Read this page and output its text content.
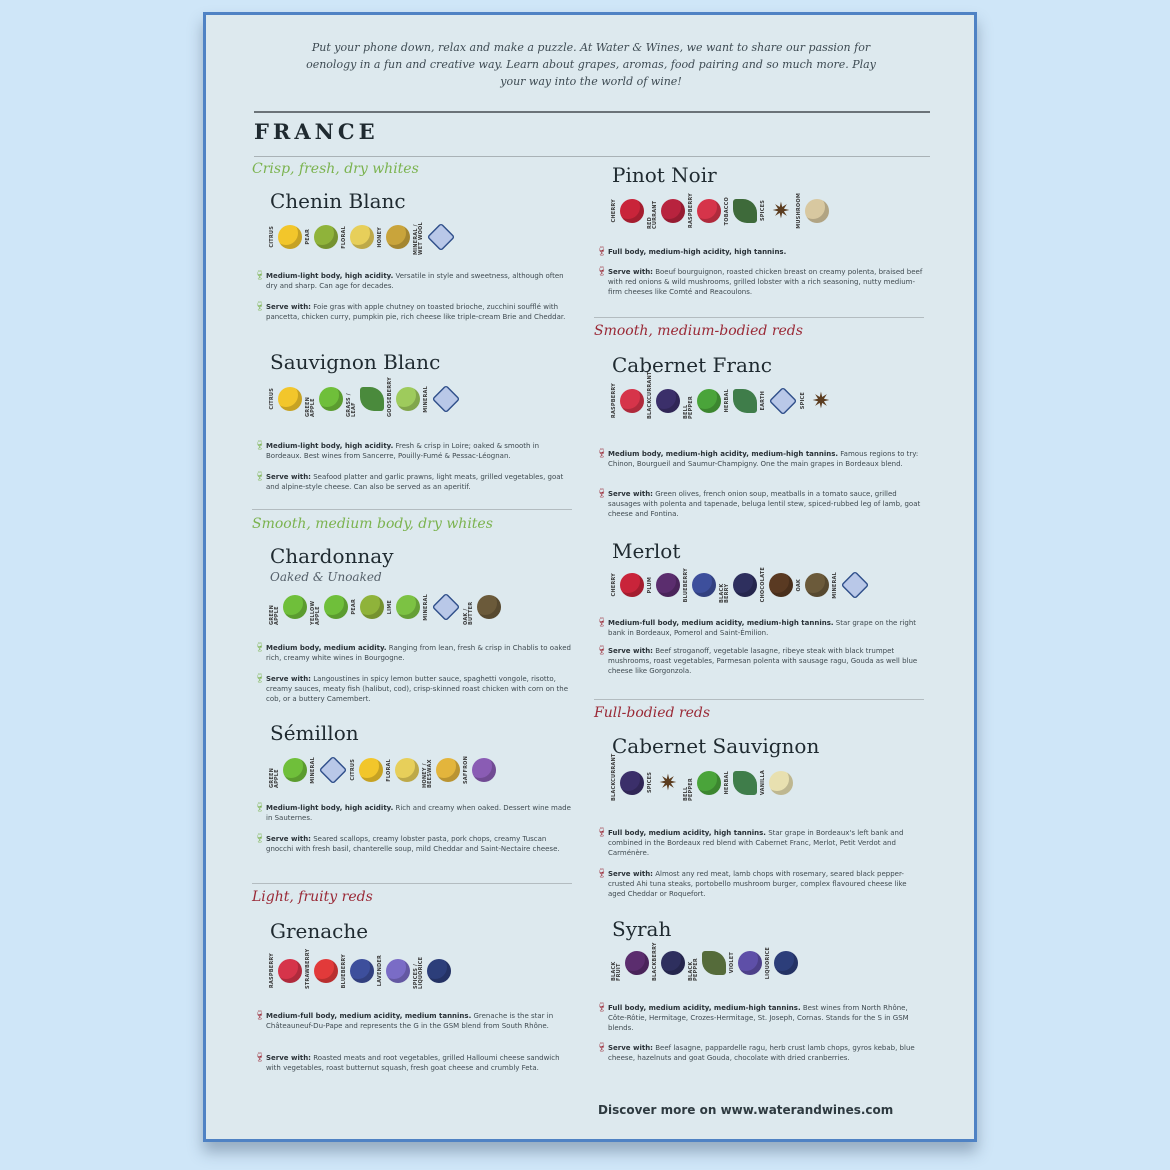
Put your phone down, relax and make a puzzle. At Water & Wines, we want to share our passion for oenology in a fun and creative way. Learn about grapes, aromas, food pairing and so much more. Play your way into the world of wine!
FRANCE
Crisp, fresh, dry whites
Chenin Blanc
CITRUS	PEAR	FLORAL	HONEY	MINERAL / WET WOOL
🍷︎ Medium-light body, high acidity. Versatile in style and sweetness, although often dry and sharp. Can age for decades.
🍷︎ Serve with: Foie gras with apple chutney on toasted brioche, zucchini soufflé with pancetta, chicken curry, pumpkin pie, rich cheese like triple-cream Brie and Cheddar.
Sauvignon Blanc
CITRUS	GREEN APPLE	GRASS / LEAF	GOOSEBERRY	MINERAL
🍷︎ Medium-light body, high acidity. Fresh & crisp in Loire; oaked & smooth in Bordeaux. Best wines from Sancerre, Pouilly-Fumé & Pessac-Léognan.
🍷︎ Serve with: Seafood platter and garlic prawns, light meats, grilled vegetables, goat and alpine-style cheese. Can also be served as an aperitif.
Smooth, medium body, dry whites
Chardonnay
Oaked & Unoaked
GREEN APPLE	YELLOW APPLE	PEAR	LIME	MINERAL	OAK / BUTTER
🍷︎ Medium body, medium acidity. Ranging from lean, fresh & crisp in Chablis to oaked rich, creamy white wines in Bourgogne.
🍷︎ Serve with: Langoustines in spicy lemon butter sauce, spaghetti vongole, risotto, creamy sauces, meaty fish (halibut, cod), crisp-skinned roast chicken with corn on the cob, or a buttery Camembert.
Sémillon
GREEN APPLE	MINERAL	CITRUS	FLORAL	HONEY / BEESWAX	SAFFRON
🍷︎ Medium-light body, high acidity. Rich and creamy when oaked. Dessert wine made in Sauternes.
🍷︎ Serve with: Seared scallops, creamy lobster pasta, pork chops, creamy Tuscan gnocchi with fresh basil, chanterelle soup, mild Cheddar and Saint-Nectaire cheese.
Light, fruity reds
Grenache
RASPBERRY	STRAWBERRY	BLUEBERRY	LAVENDER	SPICES / LIQUORICE
🍷︎ Medium-full body, medium acidity, medium tannins. Grenache is the star in Châteauneuf-Du-Pape and represents the G in the GSM blend from South Rhône.
🍷︎ Serve with: Roasted meats and root vegetables, grilled Halloumi cheese sandwich with vegetables, roast butternut squash, fresh goat cheese and crumbly Feta.
Pinot Noir
CHERRY
RED CURRANT	RASPBERRY	TOBACCO	SPICES ✷	MUSHROOM
🍷︎ Full body, medium-high acidity, high tannins.
🍷︎ Serve with: Boeuf bourguignon, roasted chicken breast on creamy polenta, braised beef with red onions & wild mushrooms, grilled lobster with a rich seasoning, nutty medium-firm cheeses like Comté and Reacoulons.
Smooth, medium-bodied reds
Cabernet Franc
RASPBERRY	BLACKCURRANT	BELL PEPPER	HERBAL	EARTH	SPICE ✷
🍷︎ Medium body, medium-high acidity, medium-high tannins. Famous regions to try: Chinon, Bourgueil and Saumur-Champigny. One the main grapes in Bordeaux blend.
🍷︎ Serve with: Green olives, french onion soup, meatballs in a tomato sauce, grilled sausages with polenta and tapenade, beluga lentil stew, spiced-rubbed leg of lamb, goat cheese and Fontina.
Merlot
CHERRY	PLUM	BLUEBERRY	BLACK BERRY	CHOCOLATE	OAK	MINERAL
🍷︎ Medium-full body, medium acidity, medium-high tannins. Star grape on the right bank in Bordeaux, Pomerol and Saint-Émilion.
🍷︎ Serve with: Beef stroganoff, vegetable lasagne, ribeye steak with black trumpet mushrooms, roast vegetables, Parmesan polenta with sausage ragu, Gouda as well blue cheese like Gorgonzola.
Full-bodied reds
Cabernet Sauvignon
BLACKCURRANT	SPICES ✷	BELL PEPPER	HERBAL	VANILLA
🍷︎ Full body, medium acidity, high tannins. Star grape in Bordeaux's left bank and combined in the Bordeaux red blend with Cabernet Franc, Merlot, Petit Verdot and Carménère.
🍷︎ Serve with: Almost any red meat, lamb chops with rosemary, seared black pepper-crusted Ahi tuna steaks, portobello mushroom burger, complex flavoured cheese like aged Cheddar or Roquefort.
Syrah
BLACK FRUIT	BLACKBERRY	BLACK PEPPER	VIOLET	LIQUORICE
🍷︎ Full body, medium acidity, medium-high tannins. Best wines from North Rhône, Côte-Rôtie, Hermitage, Crozes-Hermitage, St. Joseph, Cornas. Stands for the S in GSM blends.
🍷︎ Serve with: Beef lasagne, pappardelle ragu, herb crust lamb chops, gyros kebab, blue cheese, hazelnuts and goat Gouda, chocolate with dried cranberries.
Discover more on www.waterandwines.com
